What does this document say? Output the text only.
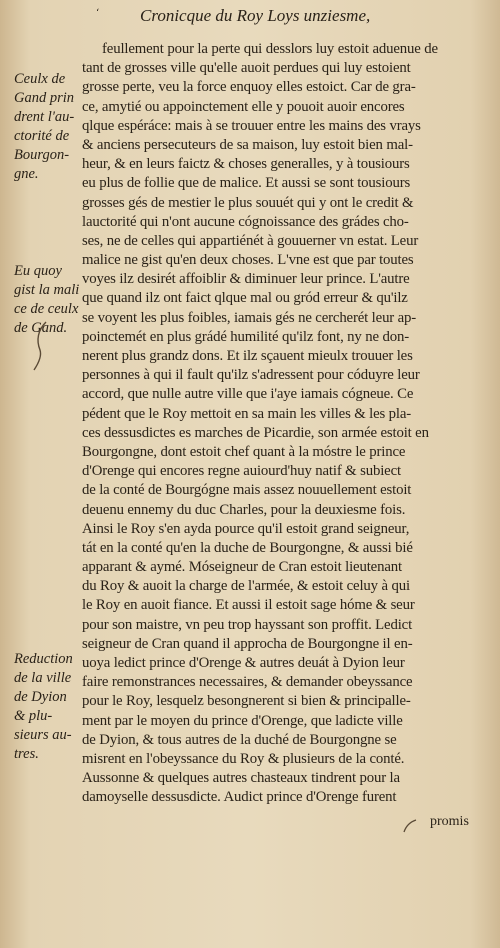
‘ Cronicque du Roy Loys unziesme,
Ceulx de
Gand prin
drent l'au-
ctorité de
Bourgon-
gne.
Eu quoy
gist la mali
ce de ceulx
de Gand.
Reduction
de la ville
de Dyion
& plu-
sieurs au-
tres.
feullement pour la perte qui desslors luy estoit aduenue de
tant de grosses ville qu'elle auoit perdues qui luy estoient
grosse perte, veu la force enquoy elles estoict. Car de gra-
ce, amytié ou appoinctement elle y pouoit auoir encores
qlque espéráce: mais à se trouuer entre les mains des vrays
& anciens persecuteurs de sa maison, luy estoit bien mal-
heur, & en leurs faictz & choses generalles, y à tousiours
eu plus de follie que de malice. Et aussi se sont tousiours
grosses gés de mestier le plus souuét qui y ont le credit &
lauctorité qui n'ont aucune cógnoissance des grádes cho-
ses, ne de celles qui appartiénét à gouuerner vn estat. Leur
malice ne gist qu'en deux choses. L'vne est que par toutes
voyes ilz desirét affoiblir & diminuer leur prince. L'autre
que quand ilz ont faict qlque mal ou gród erreur & qu'ilz
se voyent les plus foibles, iamais gés ne cercherét leur ap-
poinctemét en plus grádé humilité qu'ilz font, ny ne don-
nerent plus grandz dons. Et ilz sçauent mieulx trouuer les
personnes à qui il fault qu'ilz s'adressent pour códuyre leur
accord, que nulle autre ville que i'aye iamais cógneue. Ce
pédent que le Roy mettoit en sa main les villes & les pla-
ces dessusdictes es marches de Picardie, son armée estoit en
Bourgongne, dont estoit chef quant à la móstre le prince
d'Orenge qui encores regne auiourd'huy natif & subiect
de la conté de Bourgógne mais assez nouuellement estoit
deuenu ennemy du duc Charles, pour la deuxiesme fois.
Ainsi le Roy s'en ayda pource qu'il estoit grand seigneur,
tát en la conté qu'en la duche de Bourgongne, & aussi bié
apparant & aymé. Móseigneur de Cran estoit lieutenant
du Roy & auoit la charge de l'armée, & estoit celuy à qui
le Roy en auoit fiance. Et aussi il estoit sage hóme & seur
pour son maistre, vn peu trop hayssant son proffit. Ledict
seigneur de Cran quand il approcha de Bourgongne il en-
uoya ledict prince d'Orenge & autres deuát à Dyion leur
faire remonstrances necessaires, & demander obeyssance
pour le Roy, lesquelz besongnerent si bien & principalle-
ment par le moyen du prince d'Orenge, que ladicte ville
de Dyion, & tous autres de la duché de Bourgongne se
misrent en l'obeyssance du Roy & plusieurs de la conté.
Aussonne & quelques autres chasteaux tindrent pour la
damoyselle dessusdicte. Audict prince d'Orenge furent
promis
